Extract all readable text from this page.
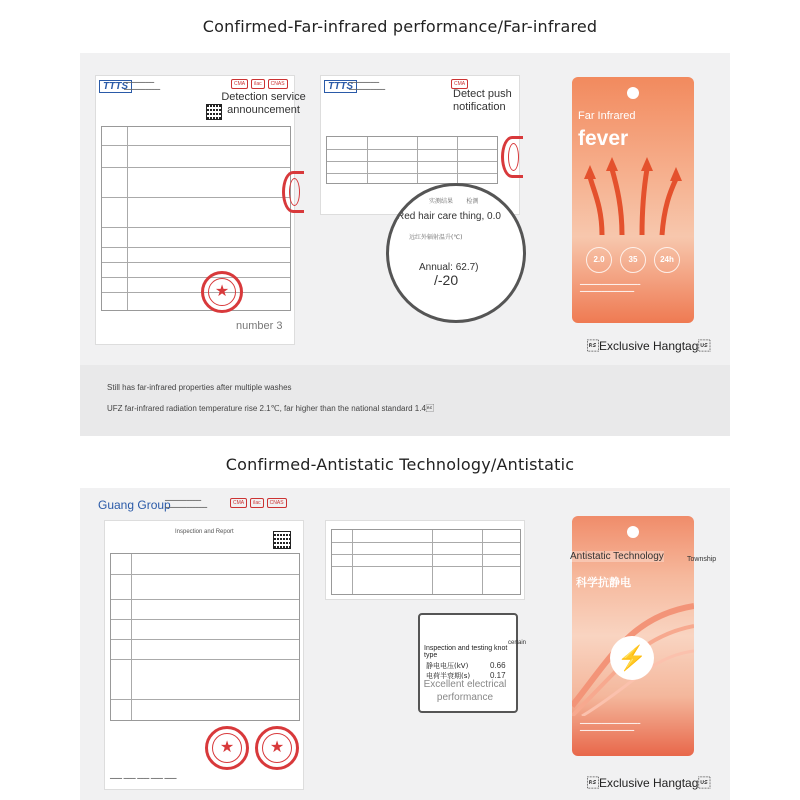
Confirmed-Far-infrared performance/Far-infrared
TTTS
━━━━━━━━━━
━━━━━━━━━━━━
CMA	ilac	CNAS
★
Detection service
announcement
number 3
TTTS
━━━━━━━━━━
━━━━━━━━━━━━
CMA
Detect push
notification
实测结果       检测
Red hair care thing, 0.0
远红外辐射温升(℃)
Annual: 62.7)
/-20
Far Infrared
fever
2.0	35	24h
━━━━━━━━━━━━━━━━━━━━
━━━━━━━━━━━━━━━━━━
Exclusive Hangtag
Still has far-infrared properties after multiple washes
UFZ far-infrared radiation temperature rise 2.1℃, far higher than the national standard 1.4
Confirmed-Antistatic Technology/Antistatic
Guang Group
━━━━━━━━━━━━
━━━━━━━━━━━━━━
CMA	ilac	CNAS
Inspection and Report
★ ★
━━━━ ━━━━ ━━━━ ━━━━ ━━━━
Inspection and testing knot type
静电电压(kV)	0.66
电荷半衰期(s) 0.17
certain
Excellent electrical
performance
科学抗静电
⚡
━━━━━━━━━━━━━━━━━━━━
━━━━━━━━━━━━━━━━━━
Antistatic Technology	Township
Exclusive Hangtag
